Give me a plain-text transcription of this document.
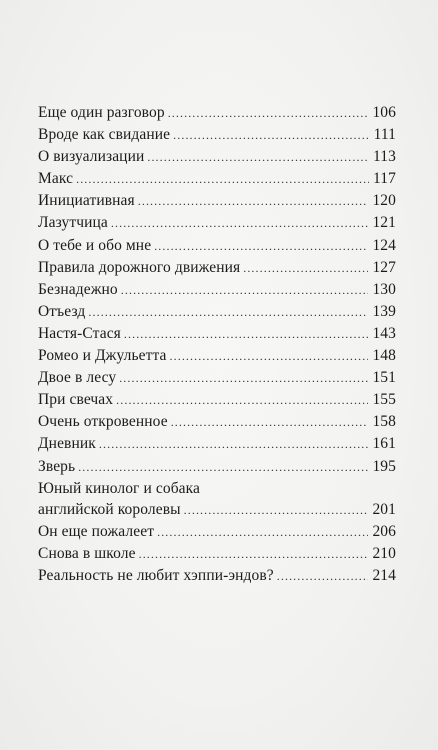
Еще один разговор .....	106
Вроде как свидание .....	111
О визуализации .....	113
Макс .....	117
Инициативная .....	120
Лазутчица .....	121
О тебе и обо мне .....	124
Правила дорожного движения .....	127
Безнадежно .....	130
Отъезд .....	139
Настя-Стася .....	143
Ромео и Джульетта .....	148
Двое в лесу .....	151
При свечах .....	155
Очень откровенное .....	158
Дневник .....	161
Зверь .....	195
Юный кинолог и собака
английской королевы .....	201
Он еще пожалеет .....	206
Снова в школе .....	210
Реальность не любит хэппи-эндов? .....	214
